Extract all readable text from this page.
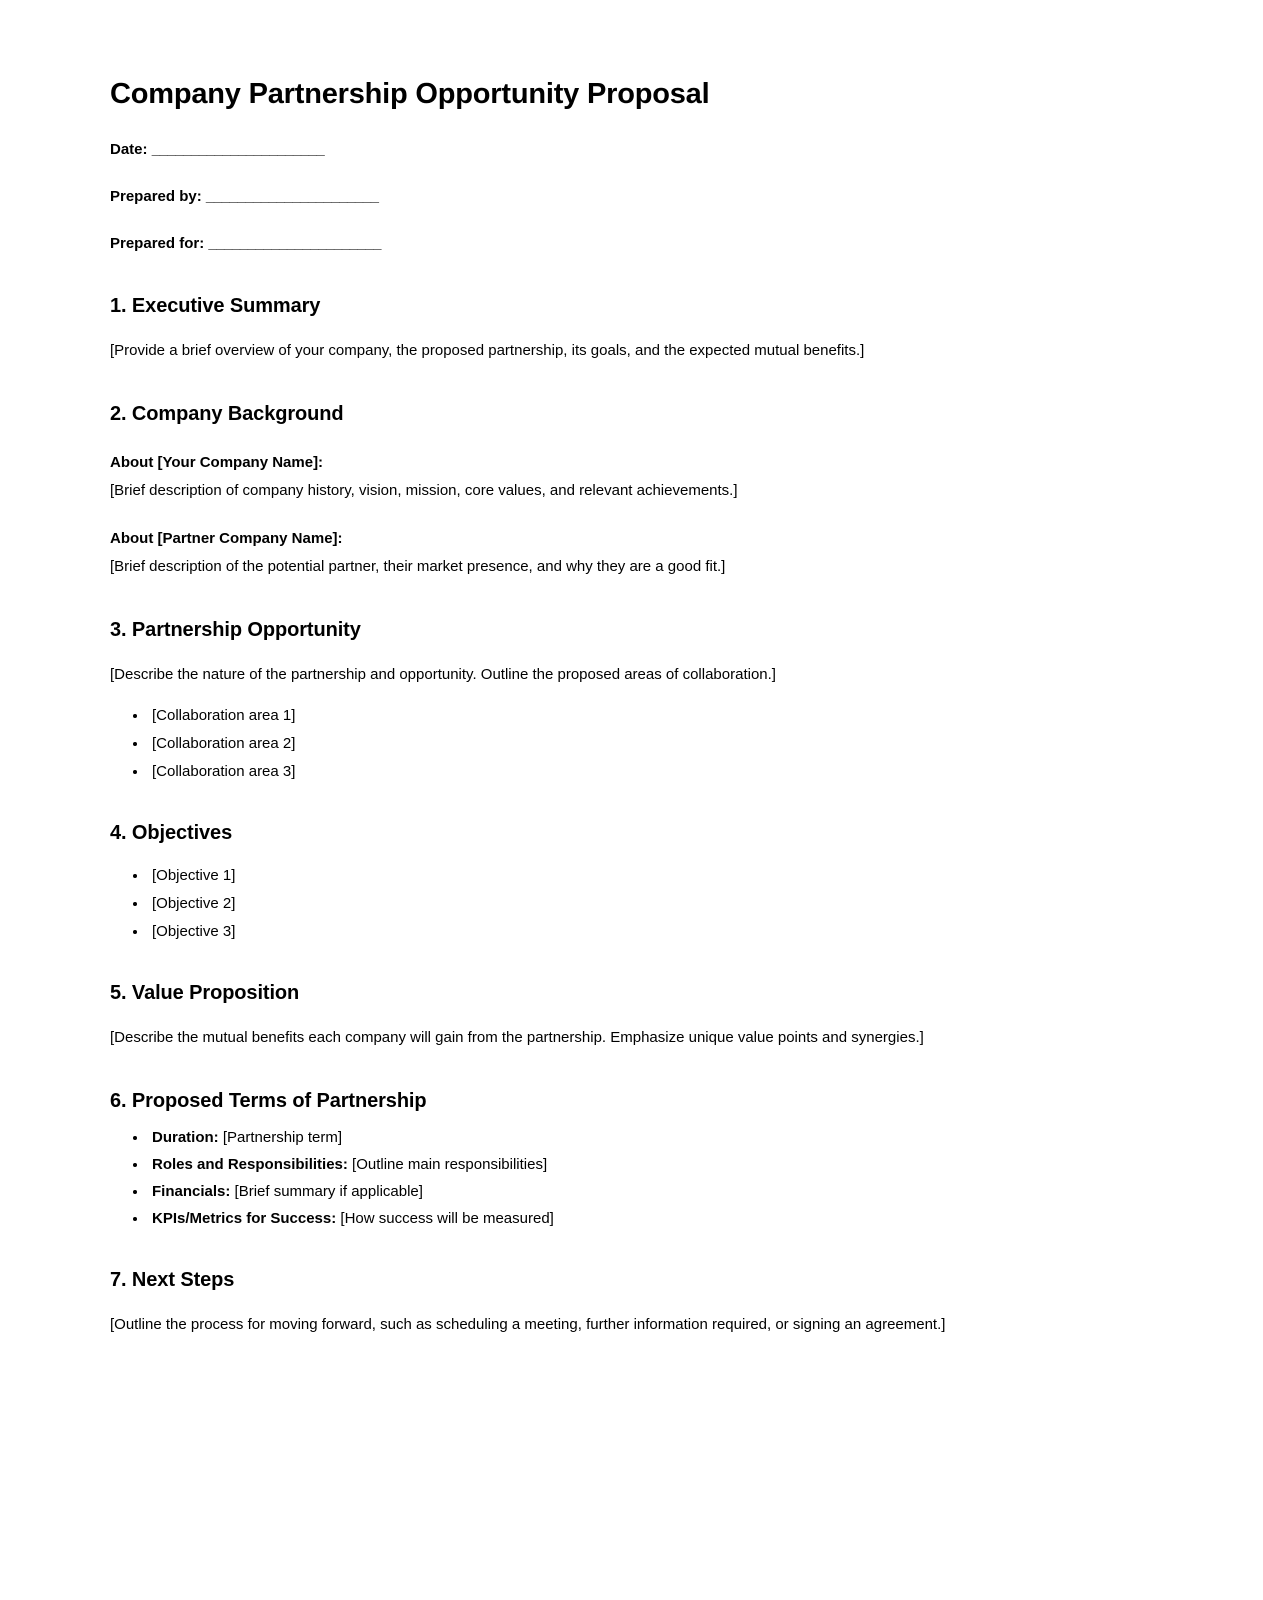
Company Partnership Opportunity Proposal
Date: ______________________
Prepared by: ______________________
Prepared for: ______________________
1. Executive Summary

[Provide a brief overview of your company, the proposed partnership, its goals, and the expected mutual benefits.]

2. Company Background
About [Your Company Name]:

[Brief description of company history, vision, mission, core values, and relevant achievements.]

About [Partner Company Name]:

[Brief description of the potential partner, their market presence, and why they are a good fit.]

3. Partnership Opportunity

[Describe the nature of the partnership and opportunity. Outline the proposed areas of collaboration.]

• [Collaboration area 1]
• [Collaboration area 2]
• [Collaboration area 3]
4. Objectives
• [Objective 1]
• [Objective 2]
• [Objective 3]
5. Value Proposition

[Describe the mutual benefits each company will gain from the partnership. Emphasize unique value points and synergies.]

6. Proposed Terms of Partnership
• Duration: [Partnership term]
• Roles and Responsibilities: [Outline main responsibilities]
• Financials: [Brief summary if applicable]
• KPIs/Metrics for Success: [How success will be measured]
7. Next Steps

[Outline the process for moving forward, such as scheduling a meeting, further information required, or signing an agreement.]
